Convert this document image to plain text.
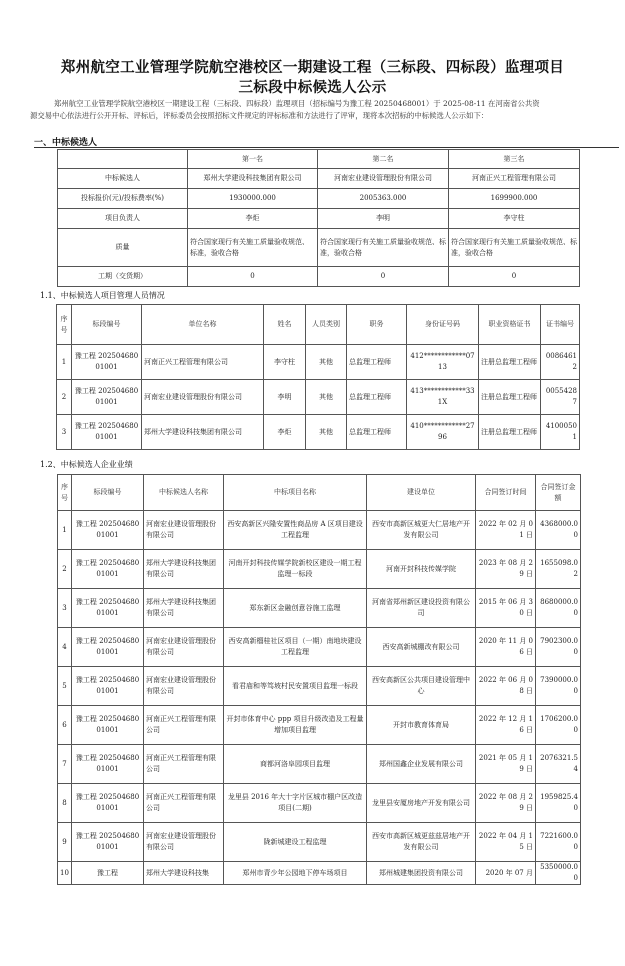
郑州航空工业管理学院航空港校区一期建设工程（三标段、四标段）监理项目
三标段中标候选人公示

郑州航空工业管理学院航空港校区一期建设工程（三标段、四标段）监理项目（招标编号为豫工程 20250468001）于 2025-08-11 在河南省公共资

源交易中心依法进行公开开标、评标后，评标委员会按照招标文件规定的评标标准和方法进行了评审，现将本次招标的中标候选人公示如下：

一、中标候选人
	第一名	第二名	第三名
中标候选人	郑州大学建设科技集团有限公司	河南宏业建设管理股份有限公司	河南正兴工程管理有限公司
投标报价(元)/投标费率(%)	1930000.000	2005363.000	1699900.000
项目负责人	李炬	李明	李守柱
质量	符合国家现行有关施工质量验收规范、标准，验收合格	符合国家现行有关施工质量验收规范、标准，验收合格	符合国家现行有关施工质量验收规范、标准，验收合格
工期（交货期）	0	0	0
1.1、中标候选人项目管理人员情况
序号	标段编号	单位名称	姓名	人员类别	职务	身份证号码	职业资格证书	证书编号
1	豫工程 20250468001001	河南正兴工程管理有限公司	李守柱	其他	总监理工程师	412************0713	注册总监理工程师	00864612
2	豫工程 20250468001001	河南宏业建设管理股份有限公司	李明	其他	总监理工程师	413************331X	注册总监理工程师	00554287
3	豫工程 20250468001001	郑州大学建设科技集团有限公司	李炬	其他	总监理工程师	410************2796	注册总监理工程师	41000501
1.2、中标候选人企业业绩
序号	标段编号	中标候选人名称	中标项目名称	建设单位	合同签订时间	合同签订金额
1	豫工程 20250468001001	河南宏业建设管理股份有限公司	西安高新区兴隆安置性商品房 A 区项目建设工程监理	西安市高新区城更大仁居地产开发有限公司	2022 年 02 月 01 日	4368000.00
2	豫工程 20250468001001	郑州大学建设科技集团有限公司	河南开封科技传媒学院新校区建设一期工程监理一标段	河南开封科技传媒学院	2023 年 08 月 29 日	1655098.02
3	豫工程 20250468001001	郑州大学建设科技集团有限公司	郑东新区金融创意谷施工监理	河南省郑州新区建设投资有限公司	2015 年 06 月 30 日	8680000.00
4	豫工程 20250468001001	河南宏业建设管理股份有限公司	西安高新榴桂社区项目（一期）南地块建设工程监理	西安高新城棚改有限公司	2020 年 11 月 06 日	7902300.00
5	豫工程 20250468001001	河南宏业建设管理股份有限公司	看君庙和等笃坡村民安置项目监理一标段	西安高新区公共项目建设管理中心	2022 年 06 月 08 日	7390000.00
6	豫工程 20250468001001	河南正兴工程管理有限公司	开封市体育中心 ppp 项目升级改造及工程量增加项目监理	开封市教育体育局	2022 年 12 月 16 日	1706200.00
7	豫工程 20250468001001	河南正兴工程管理有限公司	商都河洛阜园项目监理	郑州国鑫企业发展有限公司	2021 年 05 月 19 日	2076321.54
8	豫工程 20250468001001	河南正兴工程管理有限公司	龙里县 2016 年大十字片区城市棚户区改造项目(二期)	龙里县安厦房地产开发有限公司	2022 年 08 月 29 日	1959825.40
9	豫工程 20250468001001	河南宏业建设管理股份有限公司	陇新城建设工程监理	西安市高新区城更兹兹居地产开发有限公司	2022 年 04 月 15 日	7221600.00
10	豫工程	郑州大学建设科技集	郑州市青少年公园地下停车场项目	郑州城建集团投资有限公司	2020 年 07 月	5350000.00
